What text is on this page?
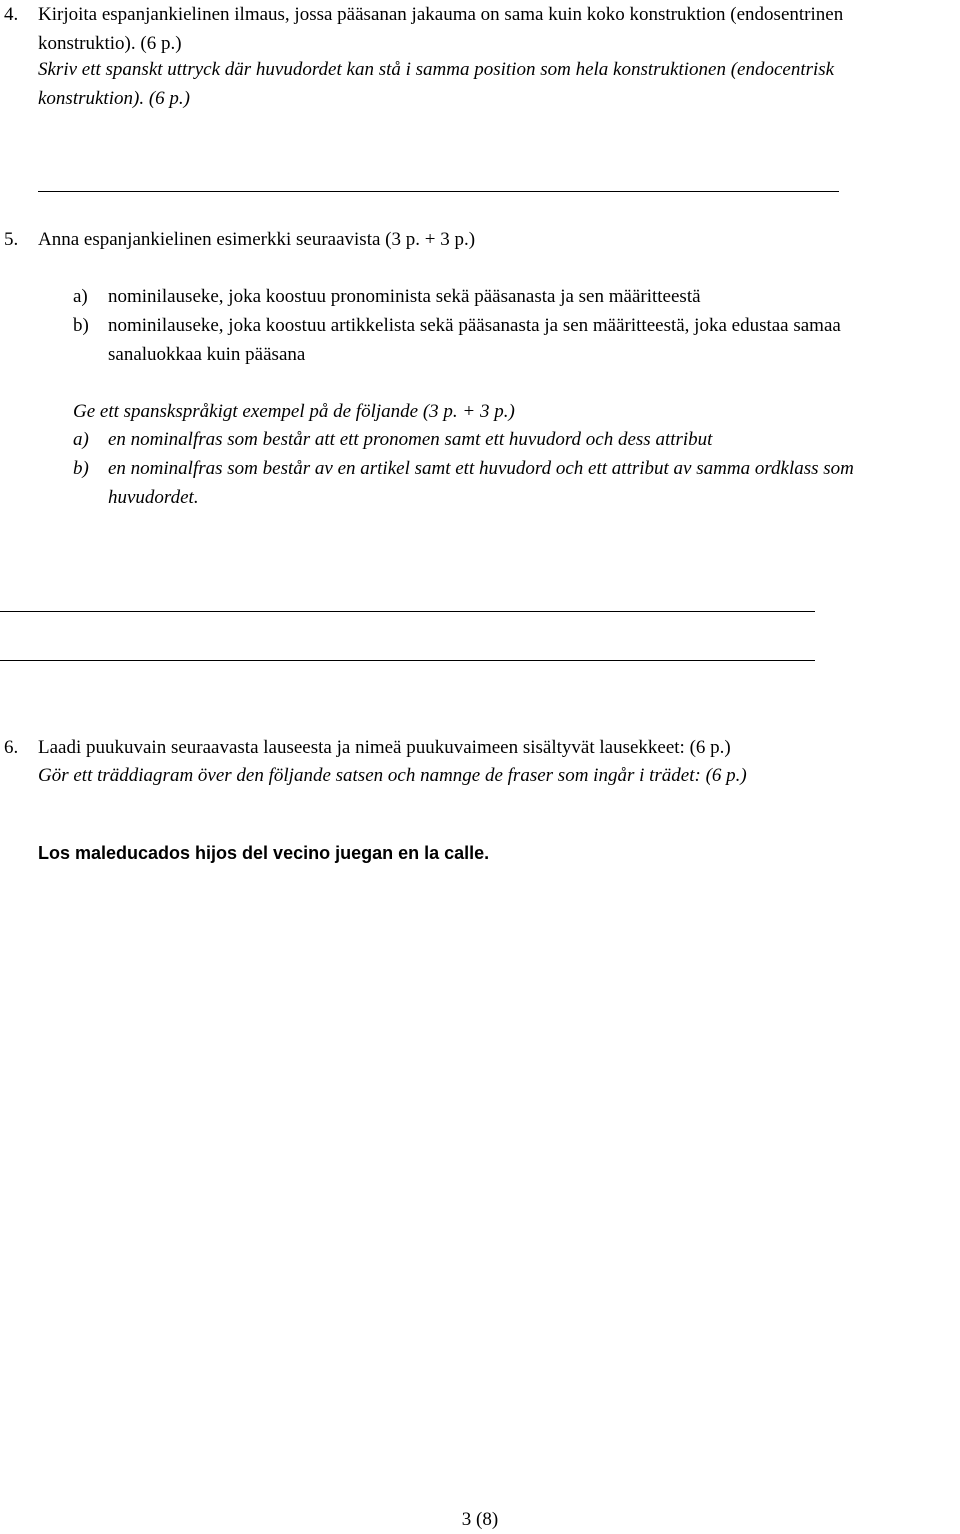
4. Kirjoita espanjankielinen ilmaus, jossa pääsanan jakauma on sama kuin koko konstruktion (endosentrinen
konstruktio). (6 p.)
Skriv ett spanskt uttryck där huvudordet kan stå i samma position som hela konstruktionen (endocentrisk
konstruktion). (6 p.)
5. Anna espanjankielinen esimerkki seuraavista (3 p. + 3 p.)
a) nominilauseke, joka koostuu pronominista sekä pääsanasta ja sen määritteestä
b) nominilauseke, joka koostuu artikkelista sekä pääsanasta ja sen määritteestä, joka edustaa samaa
sanaluokkaa kuin pääsana
Ge ett spanskspråkigt exempel på de följande (3 p. + 3 p.)
a) en nominalfras som består att ett pronomen samt ett huvudord och dess attribut
b) en nominalfras som består av en artikel samt ett huvudord och ett attribut av samma ordklass som
huvudordet.
6. Laadi puukuvain seuraavasta lauseesta ja nimeä puukuvaimeen sisältyvät lausekkeet: (6 p.)
Gör ett träddiagram över den följande satsen och namnge de fraser som ingår i trädet: (6 p.)
Los maleducados hijos del vecino juegan en la calle.
3 (8)
